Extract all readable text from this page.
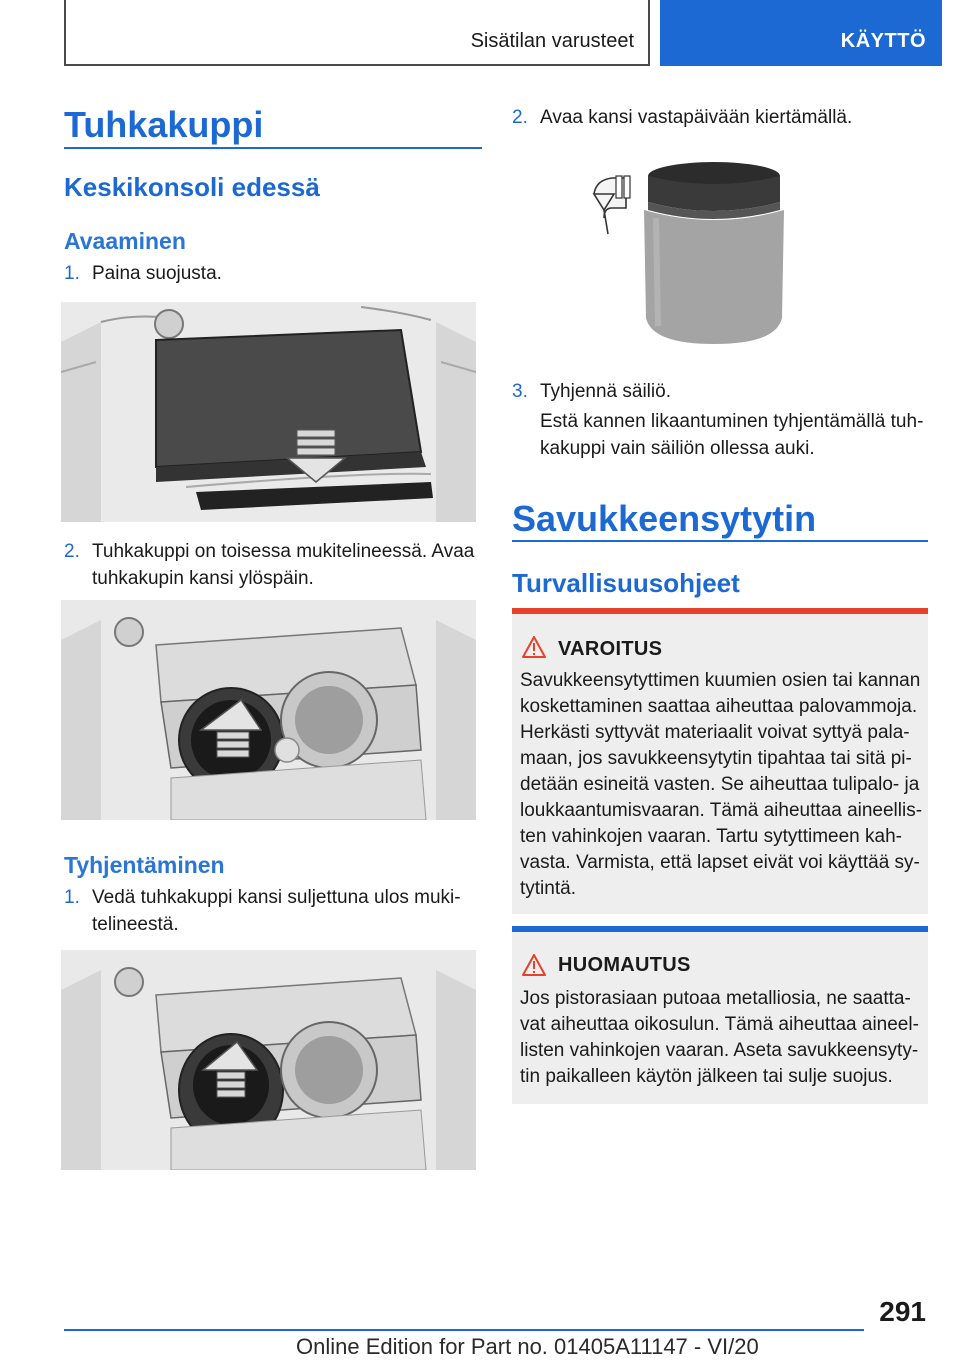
Sisätilan varusteet	KÄYTTÖ
Tuhkakuppi
Keskikonsoli edessä
Avaaminen
1. Paina suojusta.
2. Tuhkakuppi on toisessa mukitelineessä. Avaa
tuhkakupin kansi ylöspäin.
Tyhjentäminen
1. Vedä tuhkakuppi kansi suljettuna ulos muki-
telineestä.
2. Avaa kansi vastapäivään kiertämällä.
3. Tyhjennä säiliö.
Estä kannen likaantuminen tyhjentämällä tuh-
kakuppi vain säiliön ollessa auki.
Savukkeensytytin
Turvallisuusohjeet
VAROITUS
Savukkeensytyttimen kuumien osien tai kannan
koskettaminen saattaa aiheuttaa palovammoja.
Herkästi syttyvät materiaalit voivat syttyä pala-
maan, jos savukkeensytytin tipahtaa tai sitä pi-
detään esineitä vasten. Se aiheuttaa tulipalo- ja
loukkaantumisvaaran. Tämä aiheuttaa aineellis-
ten vahinkojen vaaran. Tartu sytyttimeen kah-
vasta. Varmista, että lapset eivät voi käyttää sy-
tytintä.
HUOMAUTUS
Jos pistorasiaan putoaa metalliosia, ne saatta-
vat aiheuttaa oikosulun. Tämä aiheuttaa aineel-
listen vahinkojen vaaran. Aseta savukkeensyty-
tin paikalleen käytön jälkeen tai sulje suojus.
291
Online Edition for Part no. 01405A11147 - VI/20
